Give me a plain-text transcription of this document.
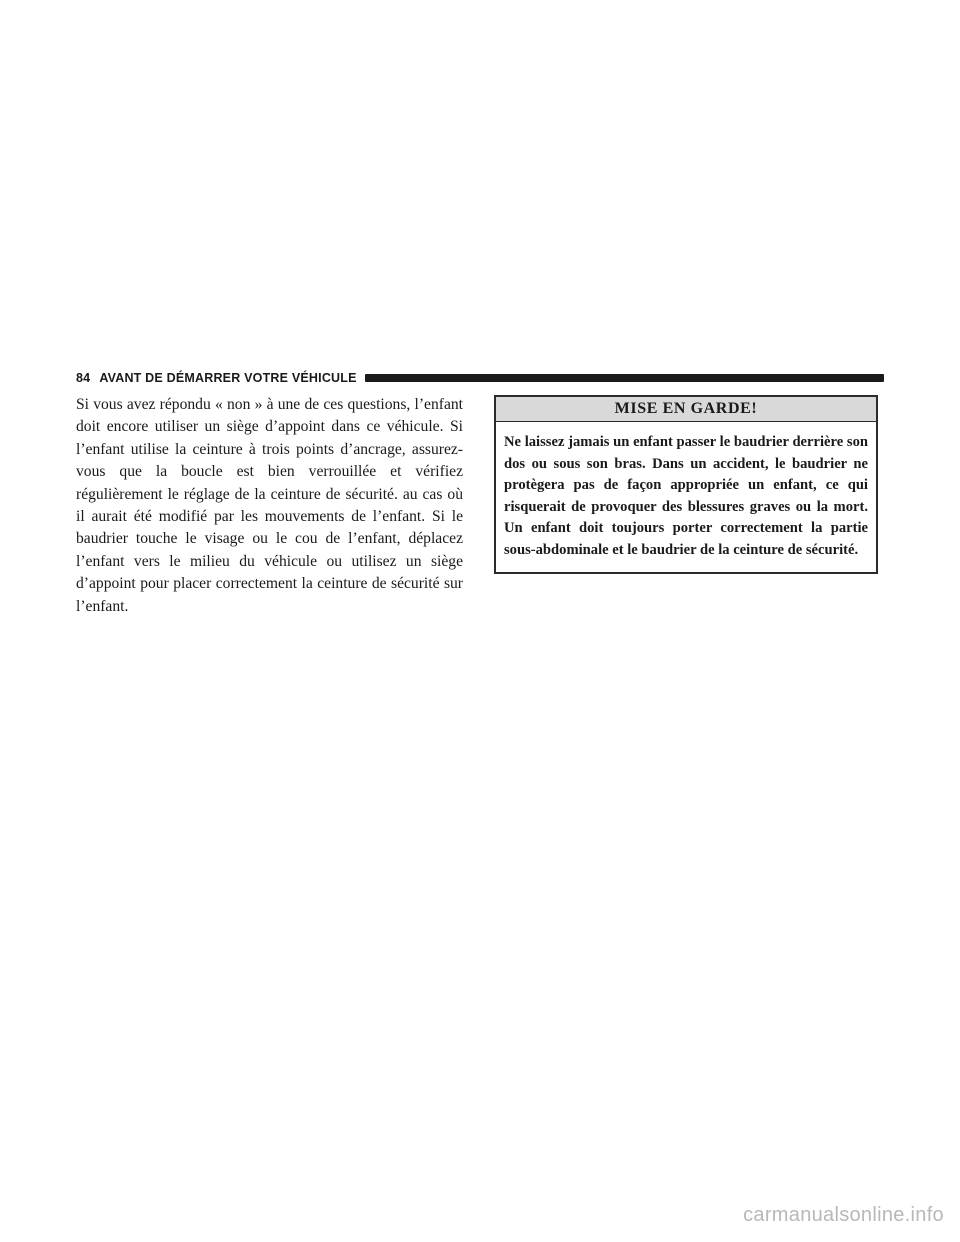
84 AVANT DE DÉMARRER VOTRE VÉHICULE

Si vous avez répondu « non » à une de ces questions, l’enfant doit encore utiliser un siège d’appoint dans ce véhicule. Si l’enfant utilise la ceinture à trois points d’ancrage, assurez-vous que la boucle est bien verrouillée et vérifiez régulièrement le réglage de la ceinture de sécurité. au cas où il aurait été modifié par les mouvements de l’enfant. Si le baudrier touche le visage ou le cou de l’enfant, déplacez l’enfant vers le milieu du véhicule ou utilisez un siège d’appoint pour placer correctement la ceinture de sécurité sur l’enfant.

MISE EN GARDE!

Ne laissez jamais un enfant passer le baudrier derrière son dos ou sous son bras. Dans un accident, le baudrier ne protègera pas de façon appropriée un enfant, ce qui risquerait de provoquer des blessures graves ou la mort. Un enfant doit toujours porter correctement la partie sous-abdominale et le baudrier de la ceinture de sécurité.

carmanualsonline.info
